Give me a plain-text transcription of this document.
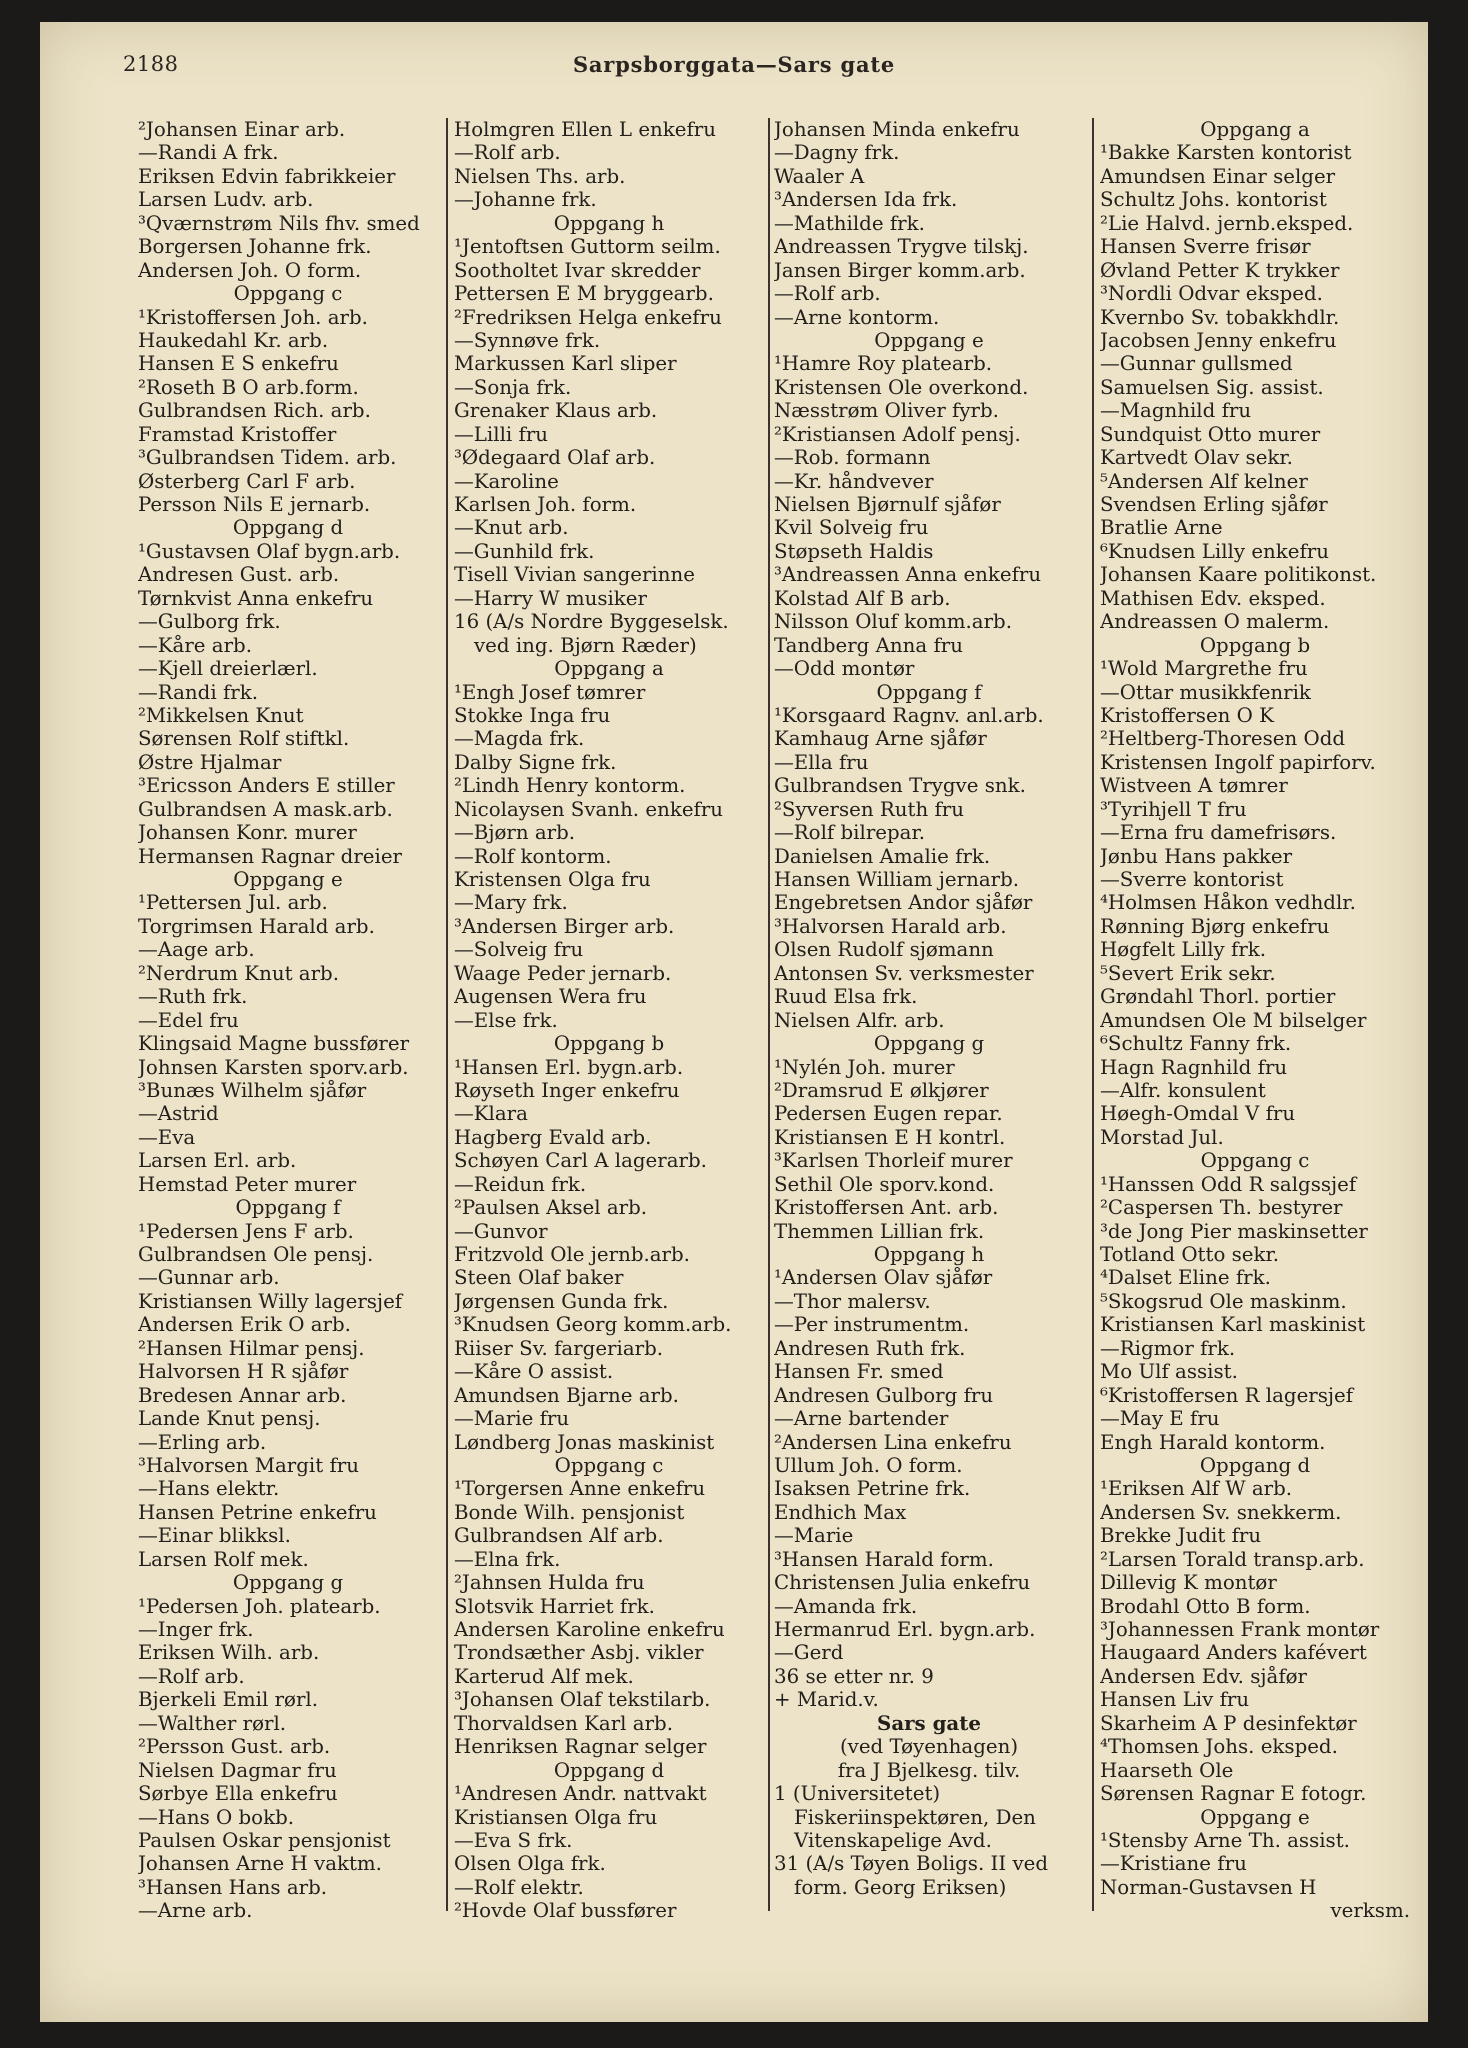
2188	Sarpsborggata—Sars gate
²Johansen Einar arb.
—Randi A frk.
Eriksen Edvin fabrikkeier
Larsen Ludv. arb.
³Qværnstrøm Nils fhv. smed
Borgersen Johanne frk.
Andersen Joh. O form.
Oppgang c
¹Kristoffersen Joh. arb.
Haukedahl Kr. arb.
Hansen E S enkefru
²Roseth B O arb.form.
Gulbrandsen Rich. arb.
Framstad Kristoffer
³Gulbrandsen Tidem. arb.
Østerberg Carl F arb.
Persson Nils E jernarb.
Oppgang d
¹Gustavsen Olaf bygn.arb.
Andresen Gust. arb.
Tørnkvist Anna enkefru
—Gulborg frk.
—Kåre arb.
—Kjell dreierlærl.
—Randi frk.
²Mikkelsen Knut
Sørensen Rolf stiftkl.
Østre Hjalmar
³Ericsson Anders E stiller
Gulbrandsen A mask.arb.
Johansen Konr. murer
Hermansen Ragnar dreier
Oppgang e
¹Pettersen Jul. arb.
Torgrimsen Harald arb.
—Aage arb.
²Nerdrum Knut arb.
—Ruth frk.
—Edel fru
Klingsaid Magne bussfører
Johnsen Karsten sporv.arb.
³Bunæs Wilhelm sjåfør
—Astrid
—Eva
Larsen Erl. arb.
Hemstad Peter murer
Oppgang f
¹Pedersen Jens F arb.
Gulbrandsen Ole pensj.
—Gunnar arb.
Kristiansen Willy lagersjef
Andersen Erik O arb.
²Hansen Hilmar pensj.
Halvorsen H R sjåfør
Bredesen Annar arb.
Lande Knut pensj.
—Erling arb.
³Halvorsen Margit fru
—Hans elektr.
Hansen Petrine enkefru
—Einar blikksl.
Larsen Rolf mek.
Oppgang g
¹Pedersen Joh. platearb.
—Inger frk.
Eriksen Wilh. arb.
—Rolf arb.
Bjerkeli Emil rørl.
—Walther rørl.
²Persson Gust. arb.
Nielsen Dagmar fru
Sørbye Ella enkefru
—Hans O bokb.
Paulsen Oskar pensjonist
Johansen Arne H vaktm.
³Hansen Hans arb.
—Arne arb.
Holmgren Ellen L enkefru
—Rolf arb.
Nielsen Ths. arb.
—Johanne frk.
Oppgang h
¹Jentoftsen Guttorm seilm.
Sootholtet Ivar skredder
Pettersen E M bryggearb.
²Fredriksen Helga enkefru
—Synnøve frk.
Markussen Karl sliper
—Sonja frk.
Grenaker Klaus arb.
—Lilli fru
³Ødegaard Olaf arb.
—Karoline
Karlsen Joh. form.
—Knut arb.
—Gunhild frk.
Tisell Vivian sangerinne
—Harry W musiker
16 (A/s Nordre Byggeselsk.
ved ing. Bjørn Ræder)
Oppgang a
¹Engh Josef tømrer
Stokke Inga fru
—Magda frk.
Dalby Signe frk.
²Lindh Henry kontorm.
Nicolaysen Svanh. enkefru
—Bjørn arb.
—Rolf kontorm.
Kristensen Olga fru
—Mary frk.
³Andersen Birger arb.
—Solveig fru
Waage Peder jernarb.
Augensen Wera fru
—Else frk.
Oppgang b
¹Hansen Erl. bygn.arb.
Røyseth Inger enkefru
—Klara
Hagberg Evald arb.
Schøyen Carl A lagerarb.
—Reidun frk.
²Paulsen Aksel arb.
—Gunvor
Fritzvold Ole jernb.arb.
Steen Olaf baker
Jørgensen Gunda frk.
³Knudsen Georg komm.arb.
Riiser Sv. fargeriarb.
—Kåre O assist.
Amundsen Bjarne arb.
—Marie fru
Løndberg Jonas maskinist
Oppgang c
¹Torgersen Anne enkefru
Bonde Wilh. pensjonist
Gulbrandsen Alf arb.
—Elna frk.
²Jahnsen Hulda fru
Slotsvik Harriet frk.
Andersen Karoline enkefru
Trondsæther Asbj. vikler
Karterud Alf mek.
³Johansen Olaf tekstilarb.
Thorvaldsen Karl arb.
Henriksen Ragnar selger
Oppgang d
¹Andresen Andr. nattvakt
Kristiansen Olga fru
—Eva S frk.
Olsen Olga frk.
—Rolf elektr.
²Hovde Olaf bussfører
Johansen Minda enkefru
—Dagny frk.
Waaler A
³Andersen Ida frk.
—Mathilde frk.
Andreassen Trygve tilskj.
Jansen Birger komm.arb.
—Rolf arb.
—Arne kontorm.
Oppgang e
¹Hamre Roy platearb.
Kristensen Ole overkond.
Næsstrøm Oliver fyrb.
²Kristiansen Adolf pensj.
—Rob. formann
—Kr. håndvever
Nielsen Bjørnulf sjåfør
Kvil Solveig fru
Støpseth Haldis
³Andreassen Anna enkefru
Kolstad Alf B arb.
Nilsson Oluf komm.arb.
Tandberg Anna fru
—Odd montør
Oppgang f
¹Korsgaard Ragnv. anl.arb.
Kamhaug Arne sjåfør
—Ella fru
Gulbrandsen Trygve snk.
²Syversen Ruth fru
—Rolf bilrepar.
Danielsen Amalie frk.
Hansen William jernarb.
Engebretsen Andor sjåfør
³Halvorsen Harald arb.
Olsen Rudolf sjømann
Antonsen Sv. verksmester
Ruud Elsa frk.
Nielsen Alfr. arb.
Oppgang g
¹Nylén Joh. murer
²Dramsrud E ølkjører
Pedersen Eugen repar.
Kristiansen E H kontrl.
³Karlsen Thorleif murer
Sethil Ole sporv.kond.
Kristoffersen Ant. arb.
Themmen Lillian frk.
Oppgang h
¹Andersen Olav sjåfør
—Thor malersv.
—Per instrumentm.
Andresen Ruth frk.
Hansen Fr. smed
Andresen Gulborg fru
—Arne bartender
²Andersen Lina enkefru
Ullum Joh. O form.
Isaksen Petrine frk.
Endhich Max
—Marie
³Hansen Harald form.
Christensen Julia enkefru
—Amanda frk.
Hermanrud Erl. bygn.arb.
—Gerd
36 se etter nr. 9
+ Marid.v.
Sars gate
(ved Tøyenhagen)
fra J Bjelkesg. tilv.
1 (Universitetet)
Fiskeriinspektøren, Den
Vitenskapelige Avd.
31 (A/s Tøyen Boligs. II ved
form. Georg Eriksen)
Oppgang a
¹Bakke Karsten kontorist
Amundsen Einar selger
Schultz Johs. kontorist
²Lie Halvd. jernb.eksped.
Hansen Sverre frisør
Øvland Petter K trykker
³Nordli Odvar eksped.
Kvernbo Sv. tobakkhdlr.
Jacobsen Jenny enkefru
—Gunnar gullsmed
Samuelsen Sig. assist.
—Magnhild fru
Sundquist Otto murer
Kartvedt Olav sekr.
⁵Andersen Alf kelner
Svendsen Erling sjåfør
Bratlie Arne
⁶Knudsen Lilly enkefru
Johansen Kaare politikonst.
Mathisen Edv. eksped.
Andreassen O malerm.
Oppgang b
¹Wold Margrethe fru
—Ottar musikkfenrik
Kristoffersen O K
²Heltberg-Thoresen Odd
Kristensen Ingolf papirforv.
Wistveen A tømrer
³Tyrihjell T fru
—Erna fru damefrisørs.
Jønbu Hans pakker
—Sverre kontorist
⁴Holmsen Håkon vedhdlr.
Rønning Bjørg enkefru
Høgfelt Lilly frk.
⁵Severt Erik sekr.
Grøndahl Thorl. portier
Amundsen Ole M bilselger
⁶Schultz Fanny frk.
Hagn Ragnhild fru
—Alfr. konsulent
Høegh-Omdal V fru
Morstad Jul.
Oppgang c
¹Hanssen Odd R salgssjef
²Caspersen Th. bestyrer
³de Jong Pier maskinsetter
Totland Otto sekr.
⁴Dalset Eline frk.
⁵Skogsrud Ole maskinm.
Kristiansen Karl maskinist
—Rigmor frk.
Mo Ulf assist.
⁶Kristoffersen R lagersjef
—May E fru
Engh Harald kontorm.
Oppgang d
¹Eriksen Alf W arb.
Andersen Sv. snekkerm.
Brekke Judit fru
²Larsen Torald transp.arb.
Dillevig K montør
Brodahl Otto B form.
³Johannessen Frank montør
Haugaard Anders kafévert
Andersen Edv. sjåfør
Hansen Liv fru
Skarheim A P desinfektør
⁴Thomsen Johs. eksped.
Haarseth Ole
Sørensen Ragnar E fotogr.
Oppgang e
¹Stensby Arne Th. assist.
—Kristiane fru
Norman-Gustavsen H
verksm.
